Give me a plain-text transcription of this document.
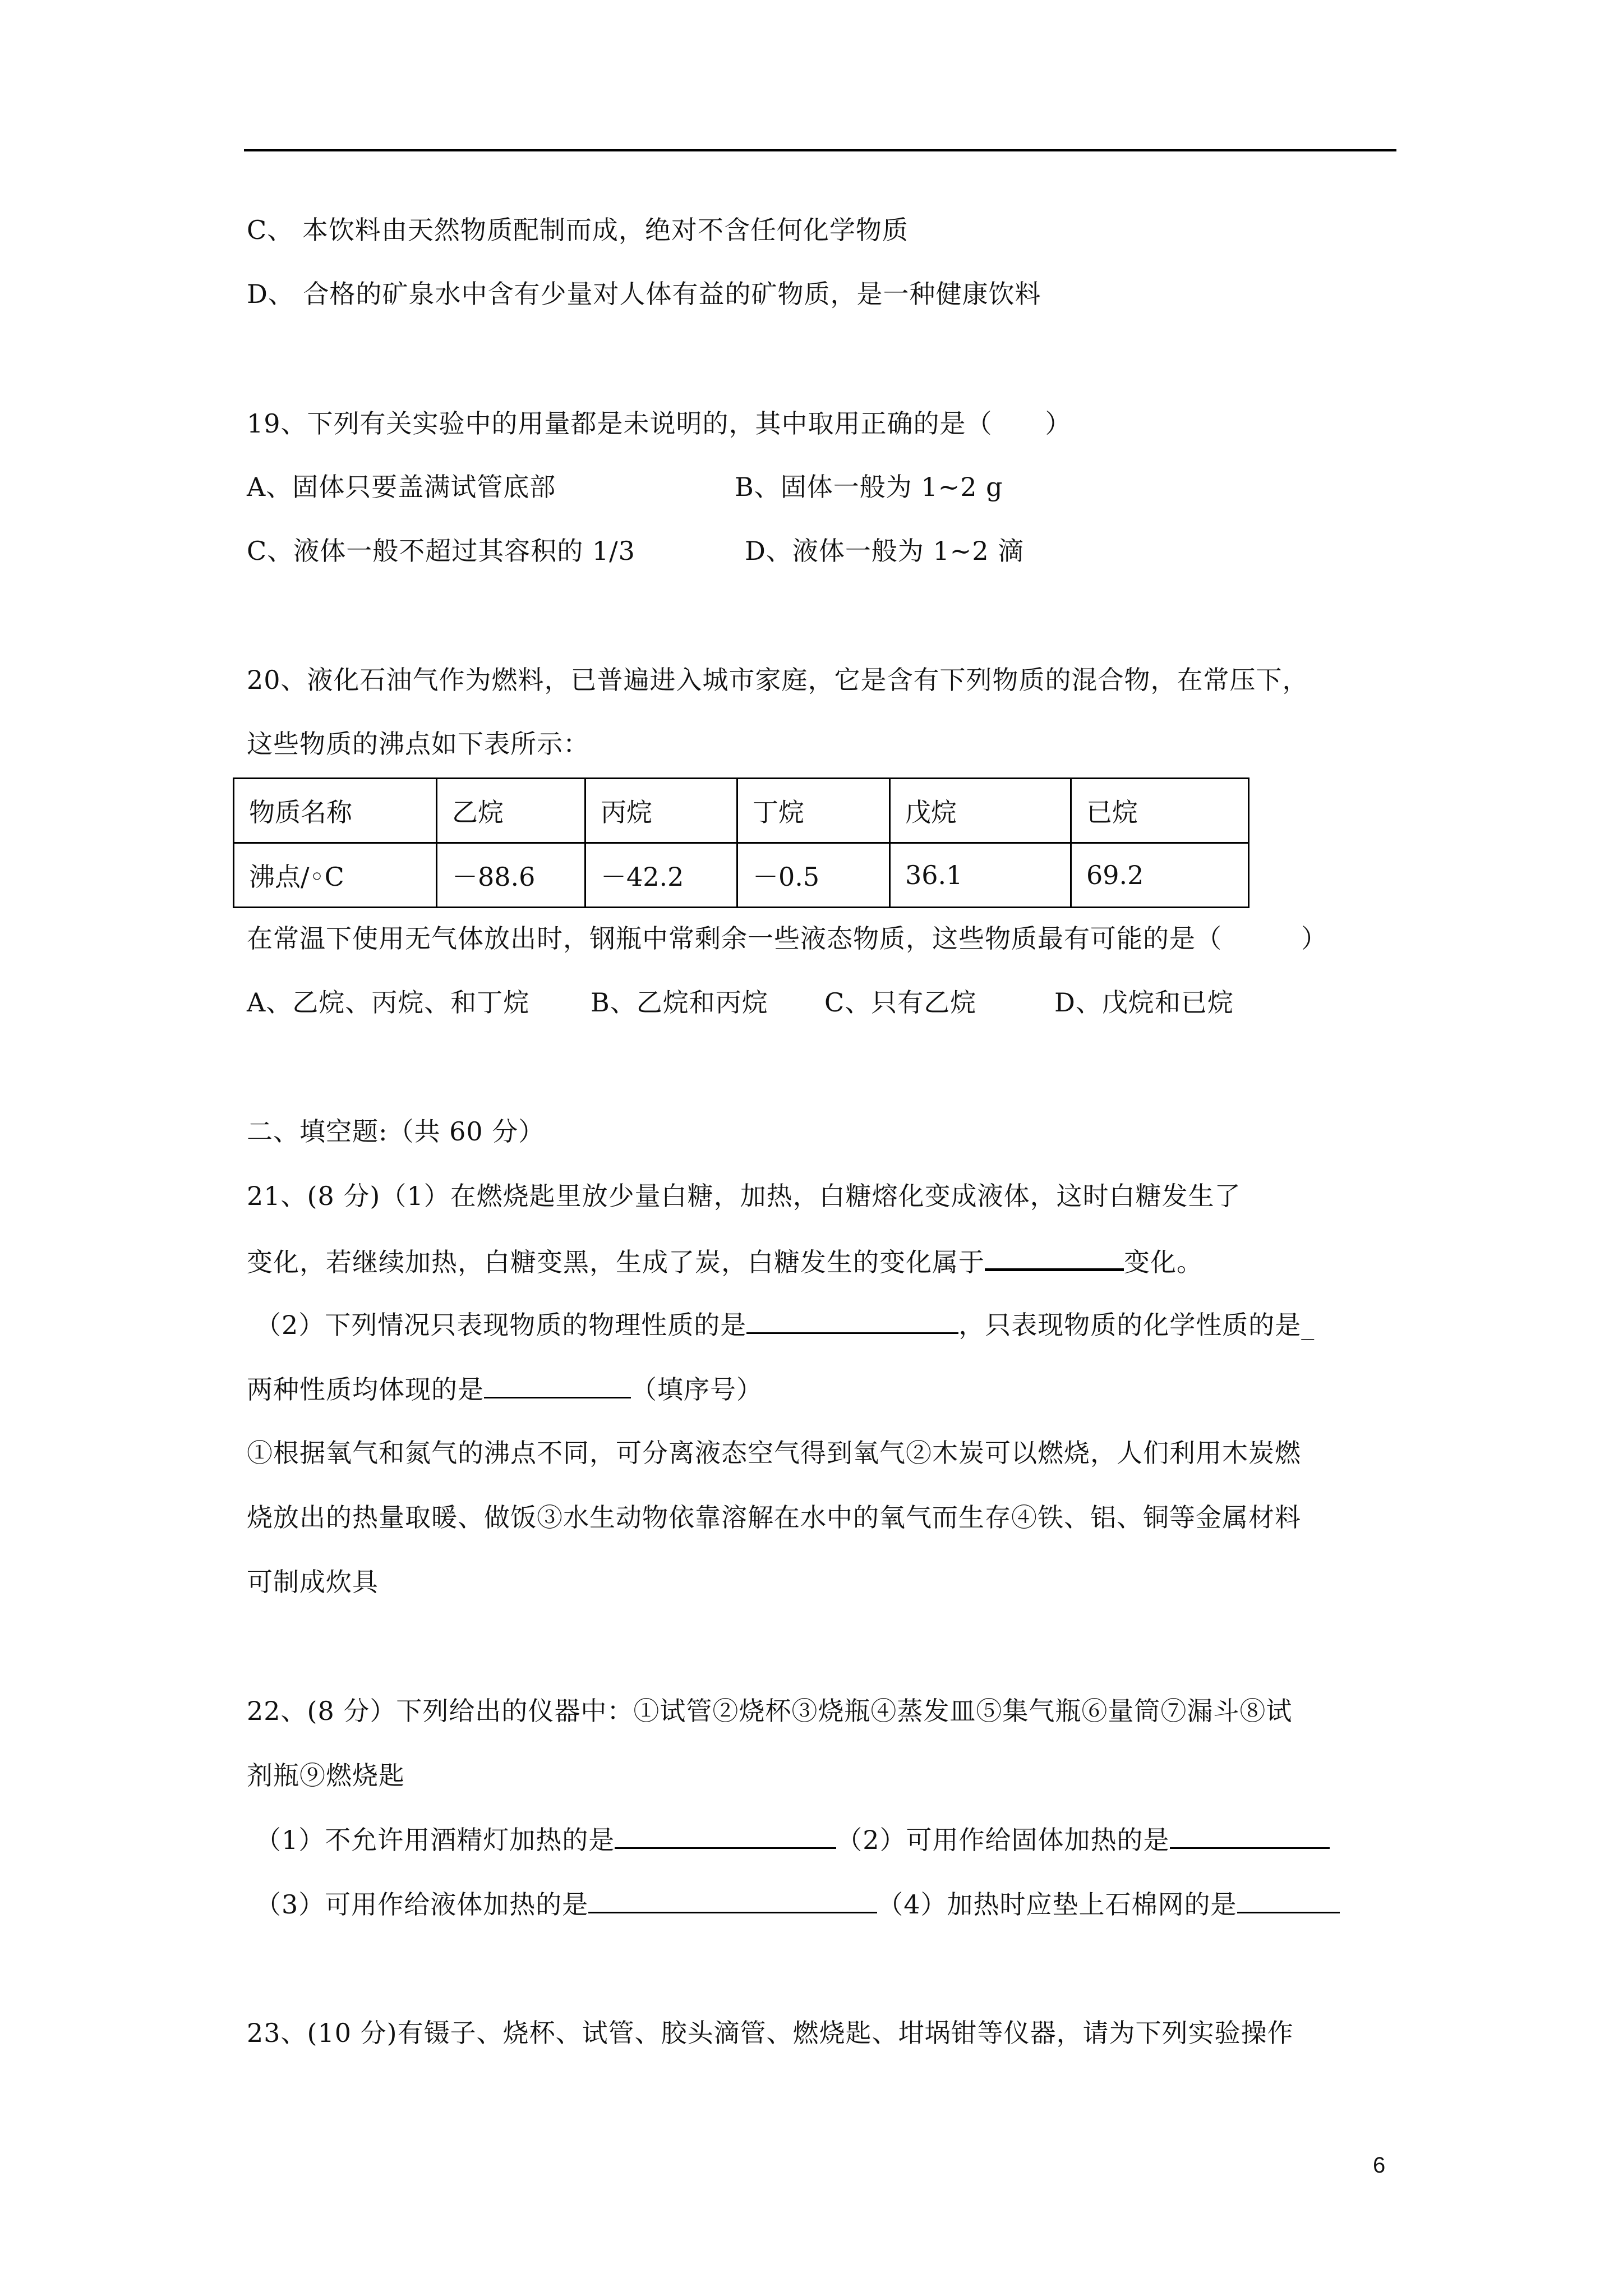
C、 本饮料由天然物质配制而成，绝对不含任何化学物质
D、 合格的矿泉水中含有少量对人体有益的矿物质，是一种健康饮料
19、下列有关实验中的用量都是未说明的，其中取用正确的是（　　）
A、固体只要盖满试管底部	B、固体一般为 1~2 g
C、液体一般不超过其容积的 1/3	D、液体一般为 1~2 滴
20、液化石油气作为燃料，已普遍进入城市家庭，它是含有下列物质的混合物，在常压下，
这些物质的沸点如下表所示：
物质名称	乙烷	丙烷	丁烷	戊烷	已烷
沸点/◦C	－88.6	－42.2	－0.5	36.1	69.2
在常温下使用无气体放出时，钢瓶中常剩余一些液态物质，这些物质最有可能的是（　　　）
A、乙烷、丙烷、和丁烷 B、乙烷和丙烷 C、只有乙烷	D、戊烷和已烷
二、填空题:（共 60 分）
21、(8 分)（1）在燃烧匙里放少量白糖，加热，白糖熔化变成液体，这时白糖发生了
变化，若继续加热，白糖变黑，生成了炭，白糖发生的变化属于	变化。
（2）下列情况只表现物质的物理性质的是	，只表现物质的化学性质的是_
两种性质均体现的是	（填序号）
①根据氧气和氮气的沸点不同，可分离液态空气得到氧气②木炭可以燃烧，人们利用木炭燃
烧放出的热量取暖、做饭③水生动物依靠溶解在水中的氧气而生存④铁、铝、铜等金属材料
可制成炊具
22、(8 分）下列给出的仪器中：①试管②烧杯③烧瓶④蒸发皿⑤集气瓶⑥量筒⑦漏斗⑧试
剂瓶⑨燃烧匙
（1）不允许用酒精灯加热的是	（2）可用作给固体加热的是
（3）可用作给液体加热的是	（4）加热时应垫上石棉网的是
23、(10 分)有镊子、烧杯、试管、胶头滴管、燃烧匙、坩埚钳等仪器，请为下列实验操作
6
